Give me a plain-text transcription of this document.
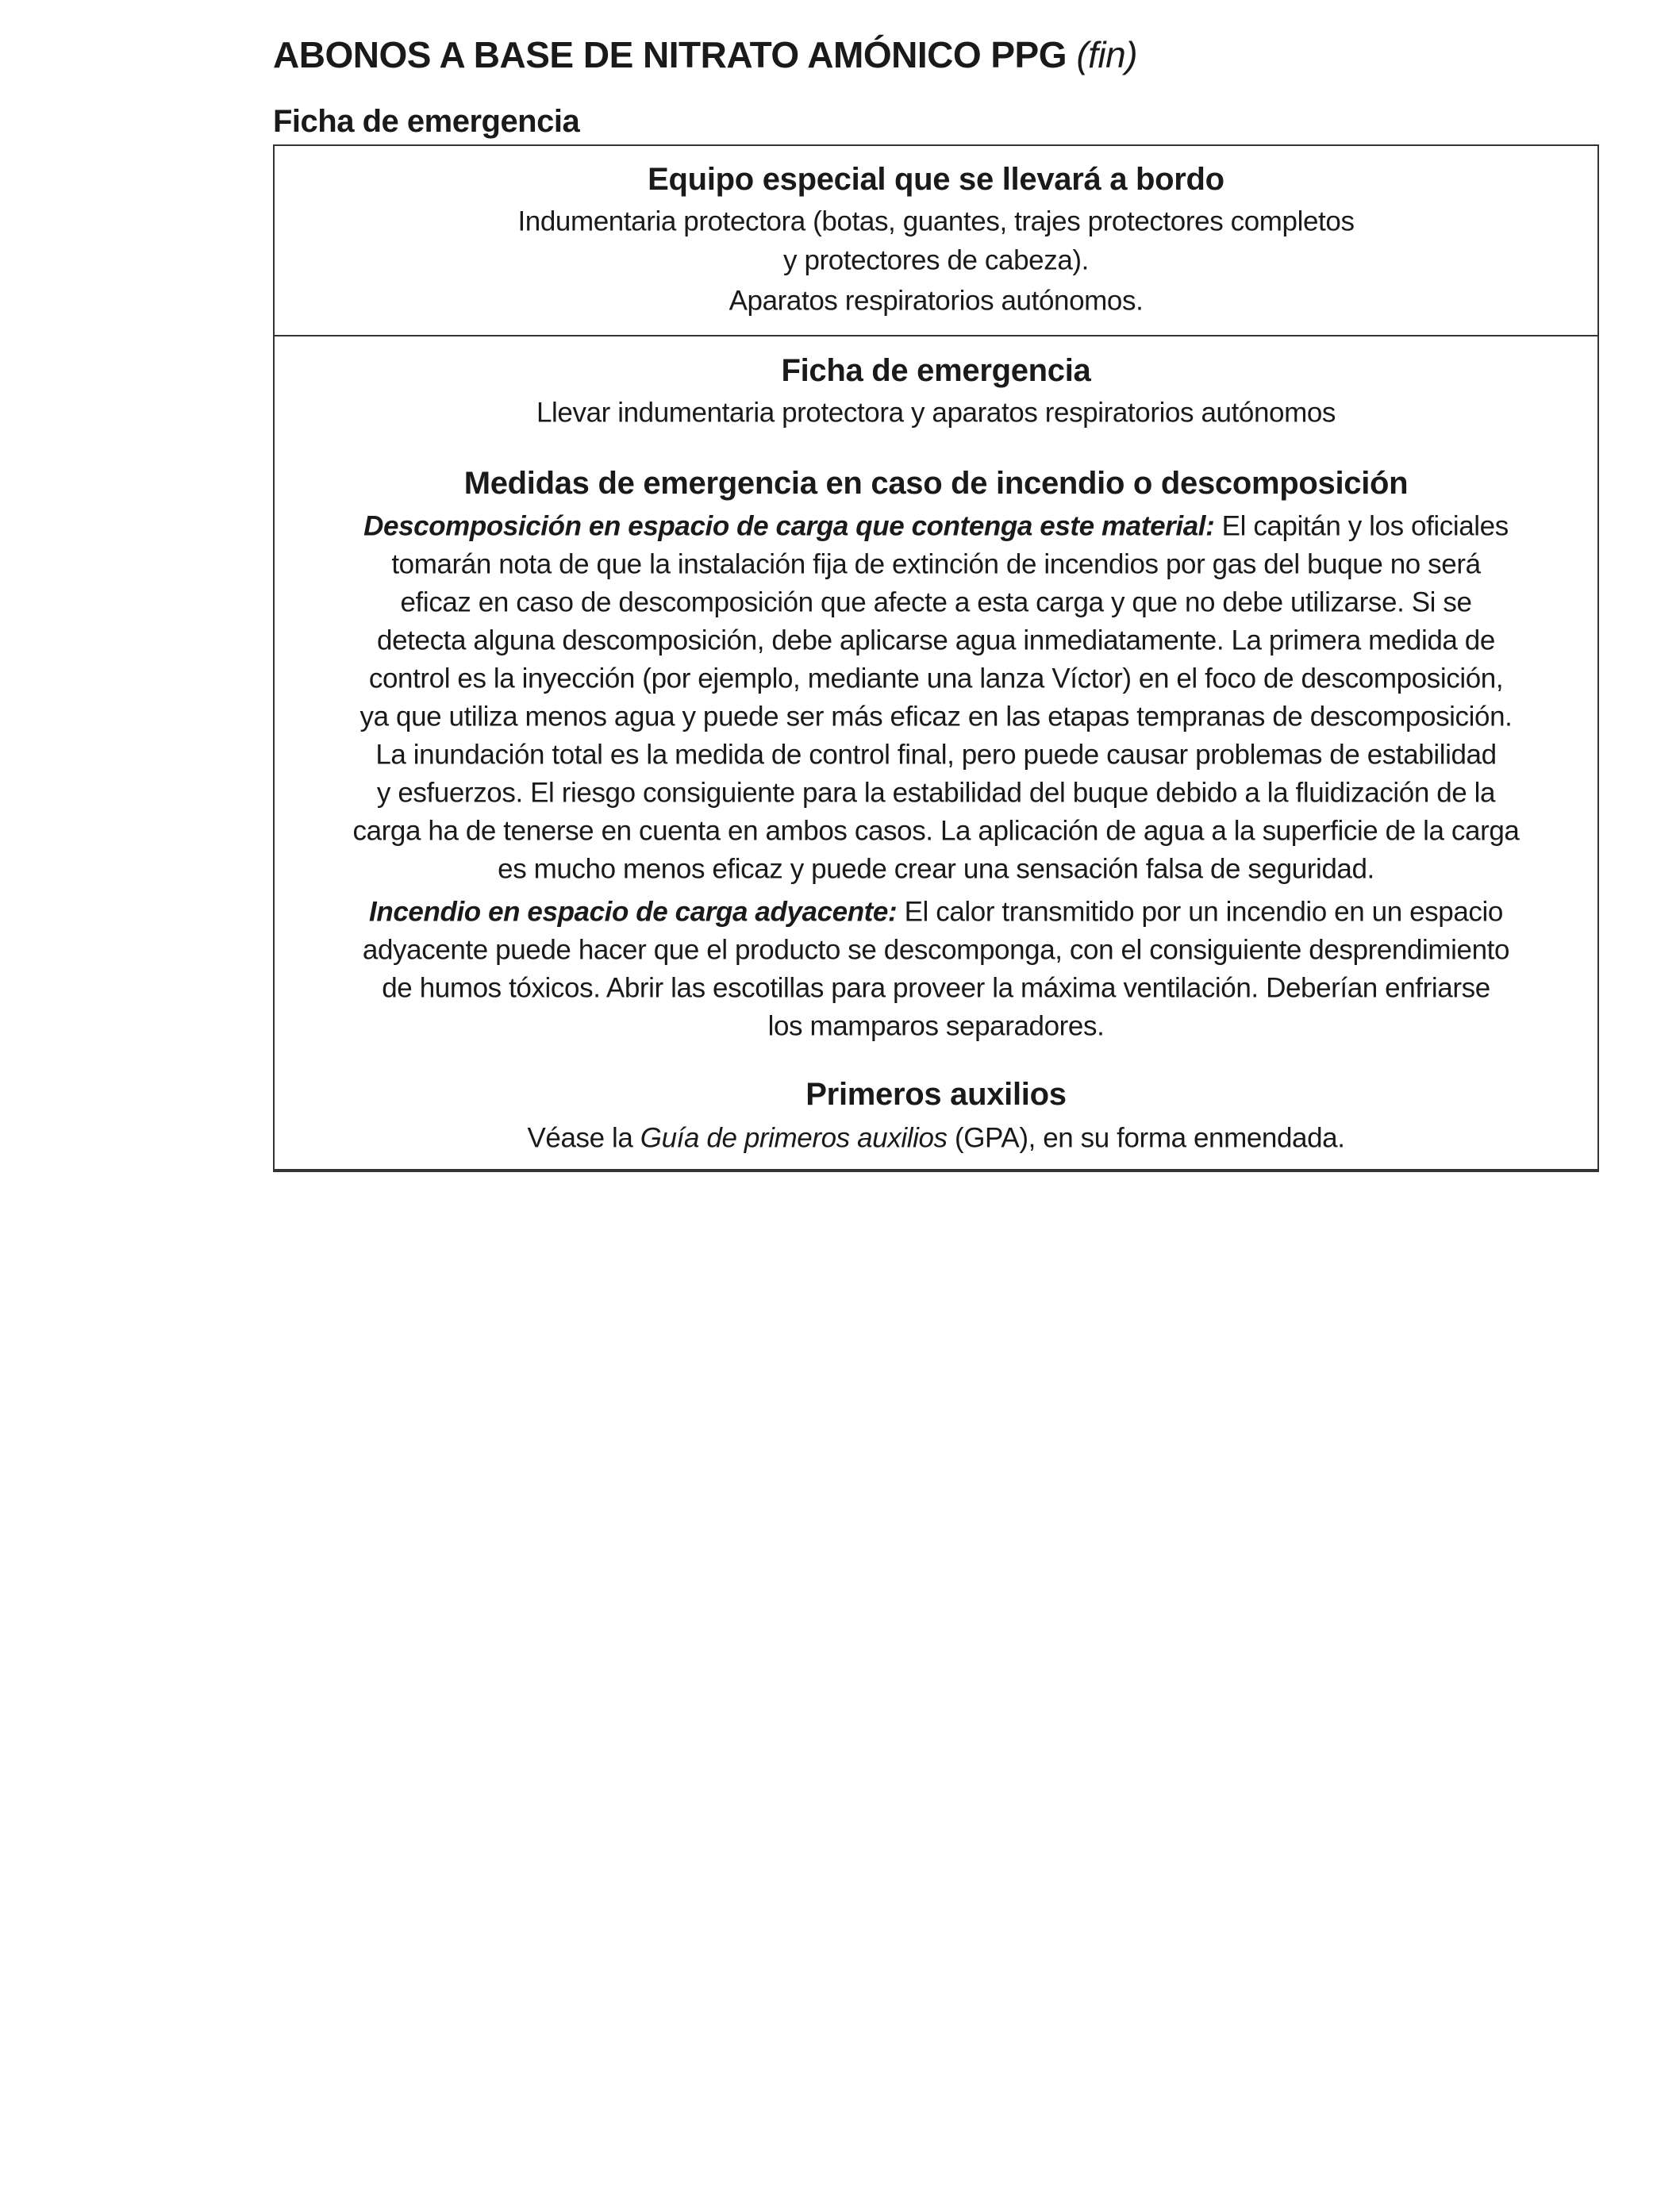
ABONOS A BASE DE NITRATO AMÓNICO PPG (fin)
Ficha de emergencia
Equipo especial que se llevará a bordo
Indumentaria protectora (botas, guantes, trajes protectores completos
y protectores de cabeza).
Aparatos respiratorios autónomos.
Ficha de emergencia
Llevar indumentaria protectora y aparatos respiratorios autónomos
Medidas de emergencia en caso de incendio o descomposición
Descomposición en espacio de carga que contenga este material: El capitán y los oficiales
tomarán nota de que la instalación fija de extinción de incendios por gas del buque no será
eficaz en caso de descomposición que afecte a esta carga y que no debe utilizarse. Si se
detecta alguna descomposición, debe aplicarse agua inmediatamente. La primera medida de
control es la inyección (por ejemplo, mediante una lanza Víctor) en el foco de descomposición,
ya que utiliza menos agua y puede ser más eficaz en las etapas tempranas de descomposición.
La inundación total es la medida de control final, pero puede causar problemas de estabilidad
y esfuerzos. El riesgo consiguiente para la estabilidad del buque debido a la fluidización de la
carga ha de tenerse en cuenta en ambos casos. La aplicación de agua a la superficie de la carga
es mucho menos eficaz y puede crear una sensación falsa de seguridad.
Incendio en espacio de carga adyacente: El calor transmitido por un incendio en un espacio
adyacente puede hacer que el producto se descomponga, con el consiguiente desprendimiento
de humos tóxicos. Abrir las escotillas para proveer la máxima ventilación. Deberían enfriarse
los mamparos separadores.
Primeros auxilios
Véase la Guía de primeros auxilios (GPA), en su forma enmendada.
